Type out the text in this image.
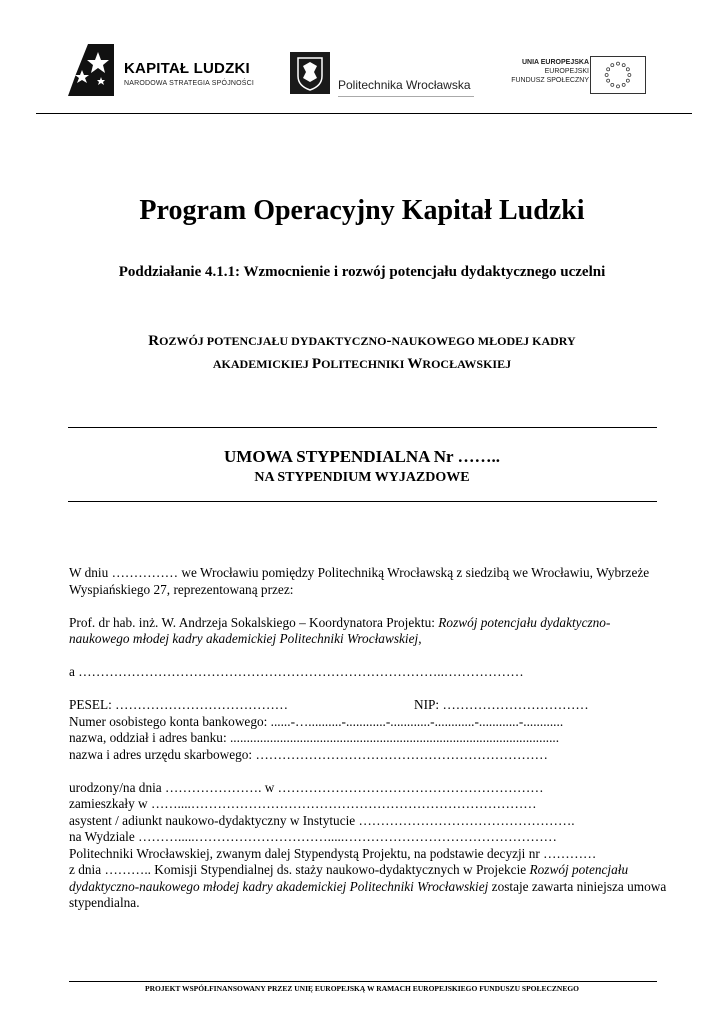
KAPITAŁ LUDZKI
NARODOWA STRATEGIA SPÓJNOŚCI	Politechnika Wrocławska
UNIA EUROPEJSKA
EUROPEJSKI
FUNDUSZ SPOŁECZNY
Program Operacyjny Kapitał Ludzki
Poddziałanie 4.1.1: Wzmocnienie i rozwój potencjału dydaktycznego uczelni
ROZWÓJ POTENCJAŁU DYDAKTYCZNO-NAUKOWEGO MŁODEJ KADRY
AKADEMICKIEJ POLITECHNIKI WROCŁAWSKIEJ
UMOWA STYPENDIALNA Nr ……..
NA STYPENDIUM WYJAZDOWE

W dniu …………… we Wrocławiu pomiędzy Politechniką Wrocławską z siedzibą we Wrocławiu, Wybrzeże Wyspiańskiego 27, reprezentowaną przez:

Prof. dr hab. inż. W. Andrzeja Sokalskiego – Koordynatora Projektu: Rozwój potencjału dydaktyczno-naukowego młodej kadry akademickiej Politechniki Wrocławskiej,

a ………………………………………………………………………..………………

PESEL: …………………………………	NIP: ……………………………

Numer osobistego konta bankowego: ......-…..........-............-............-............-............-............

nazwa, oddział i adres banku: ...................................................................................................

nazwa i adres urzędu skarbowego: …………………………………………………………

urodzony/na dnia …………………. w ……………………………………………………

zamieszkały w ……....……………………………………………………………………

asystent / adiunkt naukowo-dydaktyczny w Instytucie ………………………………………….

na Wydziale ……….....………………………….....…………………………………………

Politechniki Wrocławskiej, zwanym dalej Stypendystą Projektu, na podstawie decyzji nr …………

z dnia ……….. Komisji Stypendialnej ds. staży naukowo-dydaktycznych w Projekcie Rozwój potencjału dydaktyczno-naukowego młodej kadry akademickiej Politechniki Wrocławskiej zostaje zawarta niniejsza umowa stypendialna.

PROJEKT WSPÓŁFINANSOWANY PRZEZ UNIĘ EUROPEJSKĄ W RAMACH EUROPEJSKIEGO FUNDUSZU SPOŁECZNEGO
